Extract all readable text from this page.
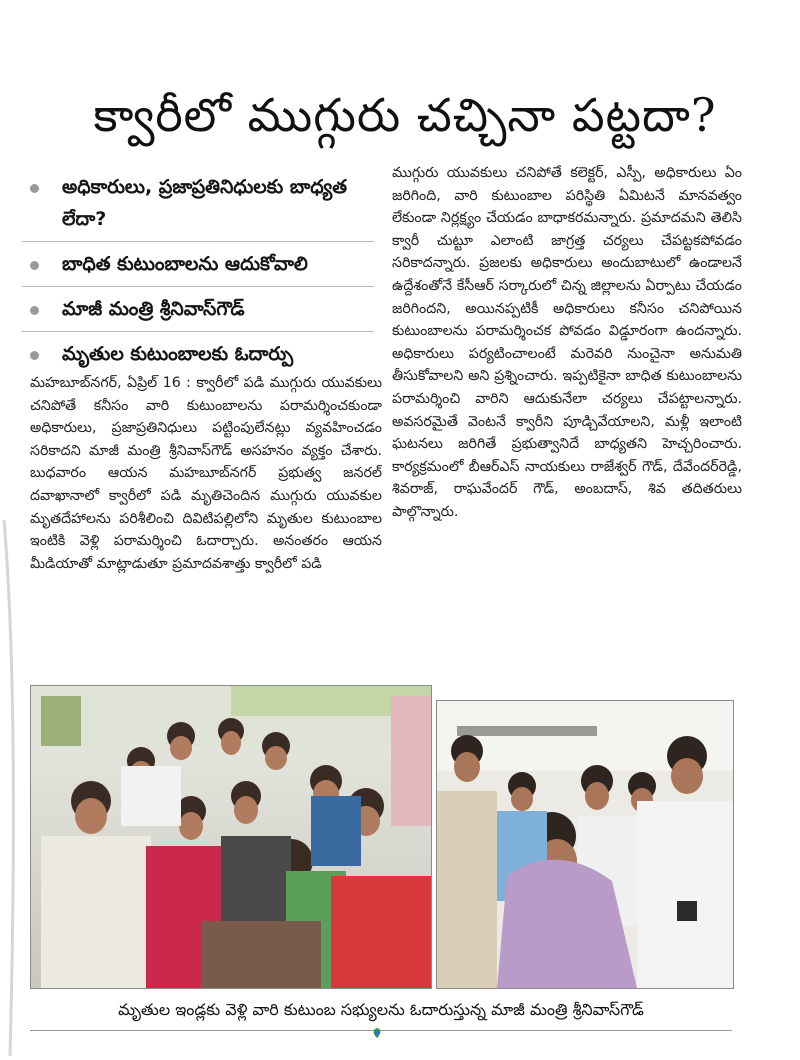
క్వారీలో ముగ్గురు చచ్చినా పట్టదా?
అధికారులు, ప్రజాప్రతినిధులకు బాధ్యత లేదా?
బాధిత కుటుంబాలను ఆదుకోవాలి
మాజీ మంత్రి శ్రీనివాస్‌గౌడ్
మృతుల కుటుంబాలకు ఓదార్పు

మహబూబ్‌నగర్, ఏప్రిల్ 16 : క్వారీలో పడి ముగ్గురు యువకులు చనిపోతే కనీసం వారి కుటుంబాలను పరామర్శించకుండా అధికారులు, ప్రజాప్రతినిధులు పట్టింపులేనట్లు వ్యవహించడం సరికాదని మాజీ మంత్రి శ్రీనివాస్‌గౌడ్ అసహనం వ్యక్తం చేశారు. బుధవారం ఆయన మహబూబ్‌నగర్ ప్రభుత్వ జనరల్ దవాఖానాలో క్వారీలో పడి మృతిచెందిన ముగ్గురు యువకుల మృతదేహాలను పరిశీలించి దివిటిపల్లిలోని మృతుల కుటుంబాల ఇంటికి వెళ్లి పరామర్శించి ఓదార్చారు. అనంతరం ఆయన మీడియాతో మాట్లాడుతూ ప్రమాదవశాత్తు క్వారీలో పడి

ముగ్గురు యువకులు చనిపోతే కలెక్టర్, ఎస్పీ, అధికారులు ఏం జరిగింది, వారి కుటుంబాల పరిస్థితి ఏమిటనే మానవత్వం లేకుండా నిర్లక్ష్యం చేయడం బాధాకరమన్నారు. ప్రమాదమని తెలిసి క్వారీ చుట్టూ ఎలాంటి జాగ్రత్త చర్యలు చేపట్టకపోవడం సరికాదన్నారు. ప్రజలకు అధికారులు అందుబాటులో ఉండాలనే ఉద్దేశంతోనే కేసీఆర్ సర్కారులో చిన్న జిల్లాలను ఏర్పాటు చేయడం జరిగిందని, అయినప్పటికీ అధికారులు కనీసం చనిపోయిన కుటుంబాలను పరామర్శించక పోవడం విడ్డూరంగా ఉందన్నారు. అధికారులు పర్యటించాలంటే మరెవరి నుంచైనా అనుమతి తీసుకోవాలని అని ప్రశ్నించారు. ఇప్పటికైనా బాధిత కుటుంబాలను పరామర్శించి వారిని ఆదుకునేలా చర్యలు చేపట్టాలన్నారు. అవసరమైతే వెంటనే క్వారీని పూడ్చివేయాలని, మళ్లీ ఇలాంటి ఘటనలు జరిగితే ప్రభుత్వానిదే బాధ్యతని హెచ్చరించారు. కార్యక్రమంలో బీఆర్‌ఎస్ నాయకులు రాజేశ్వర్ గౌడ్, దేవేందర్‌రెడ్డి, శివరాజ్, రాఘవేందర్ గౌడ్, అంబదాస్, శివ తదితరులు పాల్గొన్నారు.

మృతుల ఇండ్లకు వెళ్లి వారి కుటుంబ సభ్యులను ఓదారుస్తున్న మాజీ మంత్రి శ్రీనివాస్‌గౌడ్
